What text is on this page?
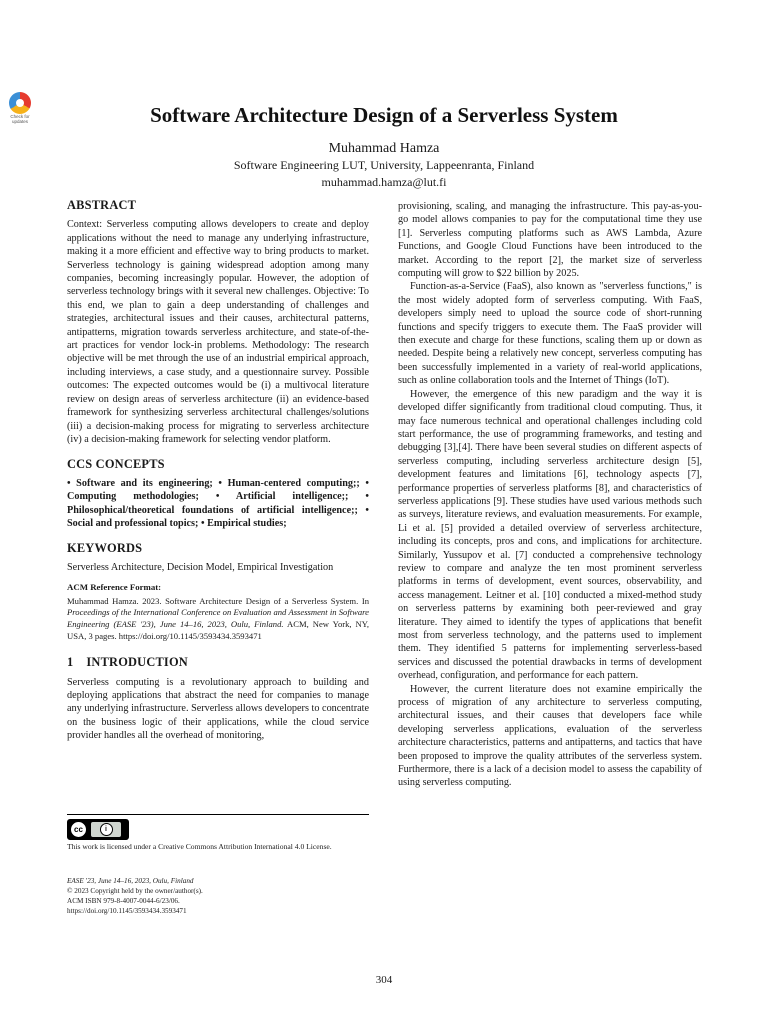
Check for updates	Software Architecture Design of a Serverless System
Muhammad Hamza
Software Engineering LUT, University, Lappeenranta, Finland
muhammad.hamza@lut.fi
ABSTRACT

Context: Serverless computing allows developers to create and deploy applications without the need to manage any underlying infrastructure, making it a more efficient and effective way to bring products to market. Serverless technology is gaining widespread adoption among many companies, becoming increasingly popular. However, the adoption of serverless technology brings with it several new challenges. Objective: To this end, we plan to gain a deep understanding of challenges and strategies, architectural issues and their causes, architectural patterns, antipatterns, migration towards serverless architecture, and state-of-the-art practices for vendor lock-in problems. Methodology: The research objective will be met through the use of an industrial empirical approach, including interviews, a case study, and a questionnaire survey. Possible outcomes: The expected outcomes would be (i) a multivocal literature review on design areas of serverless architecture (ii) an evidence-based framework for synthesizing serverless architectural challenges/solutions (iii) a decision-making process for migrating to serverless architecture (iv) a decision-making framework for selecting vendor platform.

CCS CONCEPTS

• Software and its engineering; • Human-centered computing;; • Computing methodologies; • Artificial intelligence;; • Philosophical/theoretical foundations of artificial intelligence;; • Social and professional topics; • Empirical studies;

KEYWORDS

Serverless Architecture, Decision Model, Empirical Investigation

ACM Reference Format:

Muhammad Hamza. 2023. Software Architecture Design of a Serverless System. In Proceedings of the International Conference on Evaluation and Assessment in Software Engineering (EASE '23), June 14–16, 2023, Oulu, Finland. ACM, New York, NY, USA, 3 pages. https://doi.org/10.1145/3593434.3593471

1 INTRODUCTION

Serverless computing is a revolutionary approach to building and deploying applications that abstract the need for companies to manage any underlying infrastructure. Serverless allows developers to concentrate on the business logic of their applications, while the cloud service provider handles all the overhead of monitoring,

cc	i
This work is licensed under a Creative Commons Attribution International 4.0 License.
EASE '23, June 14–16, 2023, Oulu, Finland
© 2023 Copyright held by the owner/author(s).
ACM ISBN 979-8-4007-0044-6/23/06.
https://doi.org/10.1145/3593434.3593471

provisioning, scaling, and managing the infrastructure. This pay-as-you-go model allows companies to pay for the computational time they use [1]. Serverless computing platforms such as AWS Lambda, Azure Functions, and Google Cloud Functions have been introduced to the market. According to the report [2], the market size of serverless computing will grow to $22 billion by 2025.

Function-as-a-Service (FaaS), also known as "serverless functions," is the most widely adopted form of serverless computing. With FaaS, developers simply need to upload the source code of short-running functions and specify triggers to execute them. The FaaS provider will then execute and charge for these functions, scaling them up or down as needed. Despite being a relatively new concept, serverless computing has been successfully implemented in a variety of real-world applications, such as online collaboration tools and the Internet of Things (IoT).

However, the emergence of this new paradigm and the way it is developed differ significantly from traditional cloud computing. Thus, it may face numerous technical and operational challenges including cold start performance, the use of programming frameworks, and testing and debugging [3],[4]. There have been several studies on different aspects of serverless computing, including serverless architecture design [5], development features and limitations [6], technology aspects [7], performance properties of serverless platforms [8], and characteristics of serverless applications [9]. These studies have used various methods such as surveys, literature reviews, and evaluation measurements. For example, Li et al. [5] provided a detailed overview of serverless architecture, including its concepts, pros and cons, and implications for architecture. Similarly, Yussupov et al. [7] conducted a comprehensive technology review to compare and analyze the ten most prominent serverless platforms in terms of development, event sources, observability, and access management. Leitner et al. [10] conducted a mixed-method study on serverless patterns by examining both peer-reviewed and gray literature. They aimed to identify the types of applications that benefit most from serverless technology, and the patterns used to implement them. They identified 5 patterns for implementing serverless-based services and discussed the potential drawbacks in terms of development overhead, configuration, and performance for each pattern.

However, the current literature does not examine empirically the process of migration of any architecture to serverless computing, architectural issues, and their causes that developers face while developing serverless applications, evaluation of the serverless architecture characteristics, patterns and antipatterns, and tactics that have been proposed to improve the quality attributes of the serverless system. Furthermore, there is a lack of a decision model to assess the capability of using serverless computing.

304
